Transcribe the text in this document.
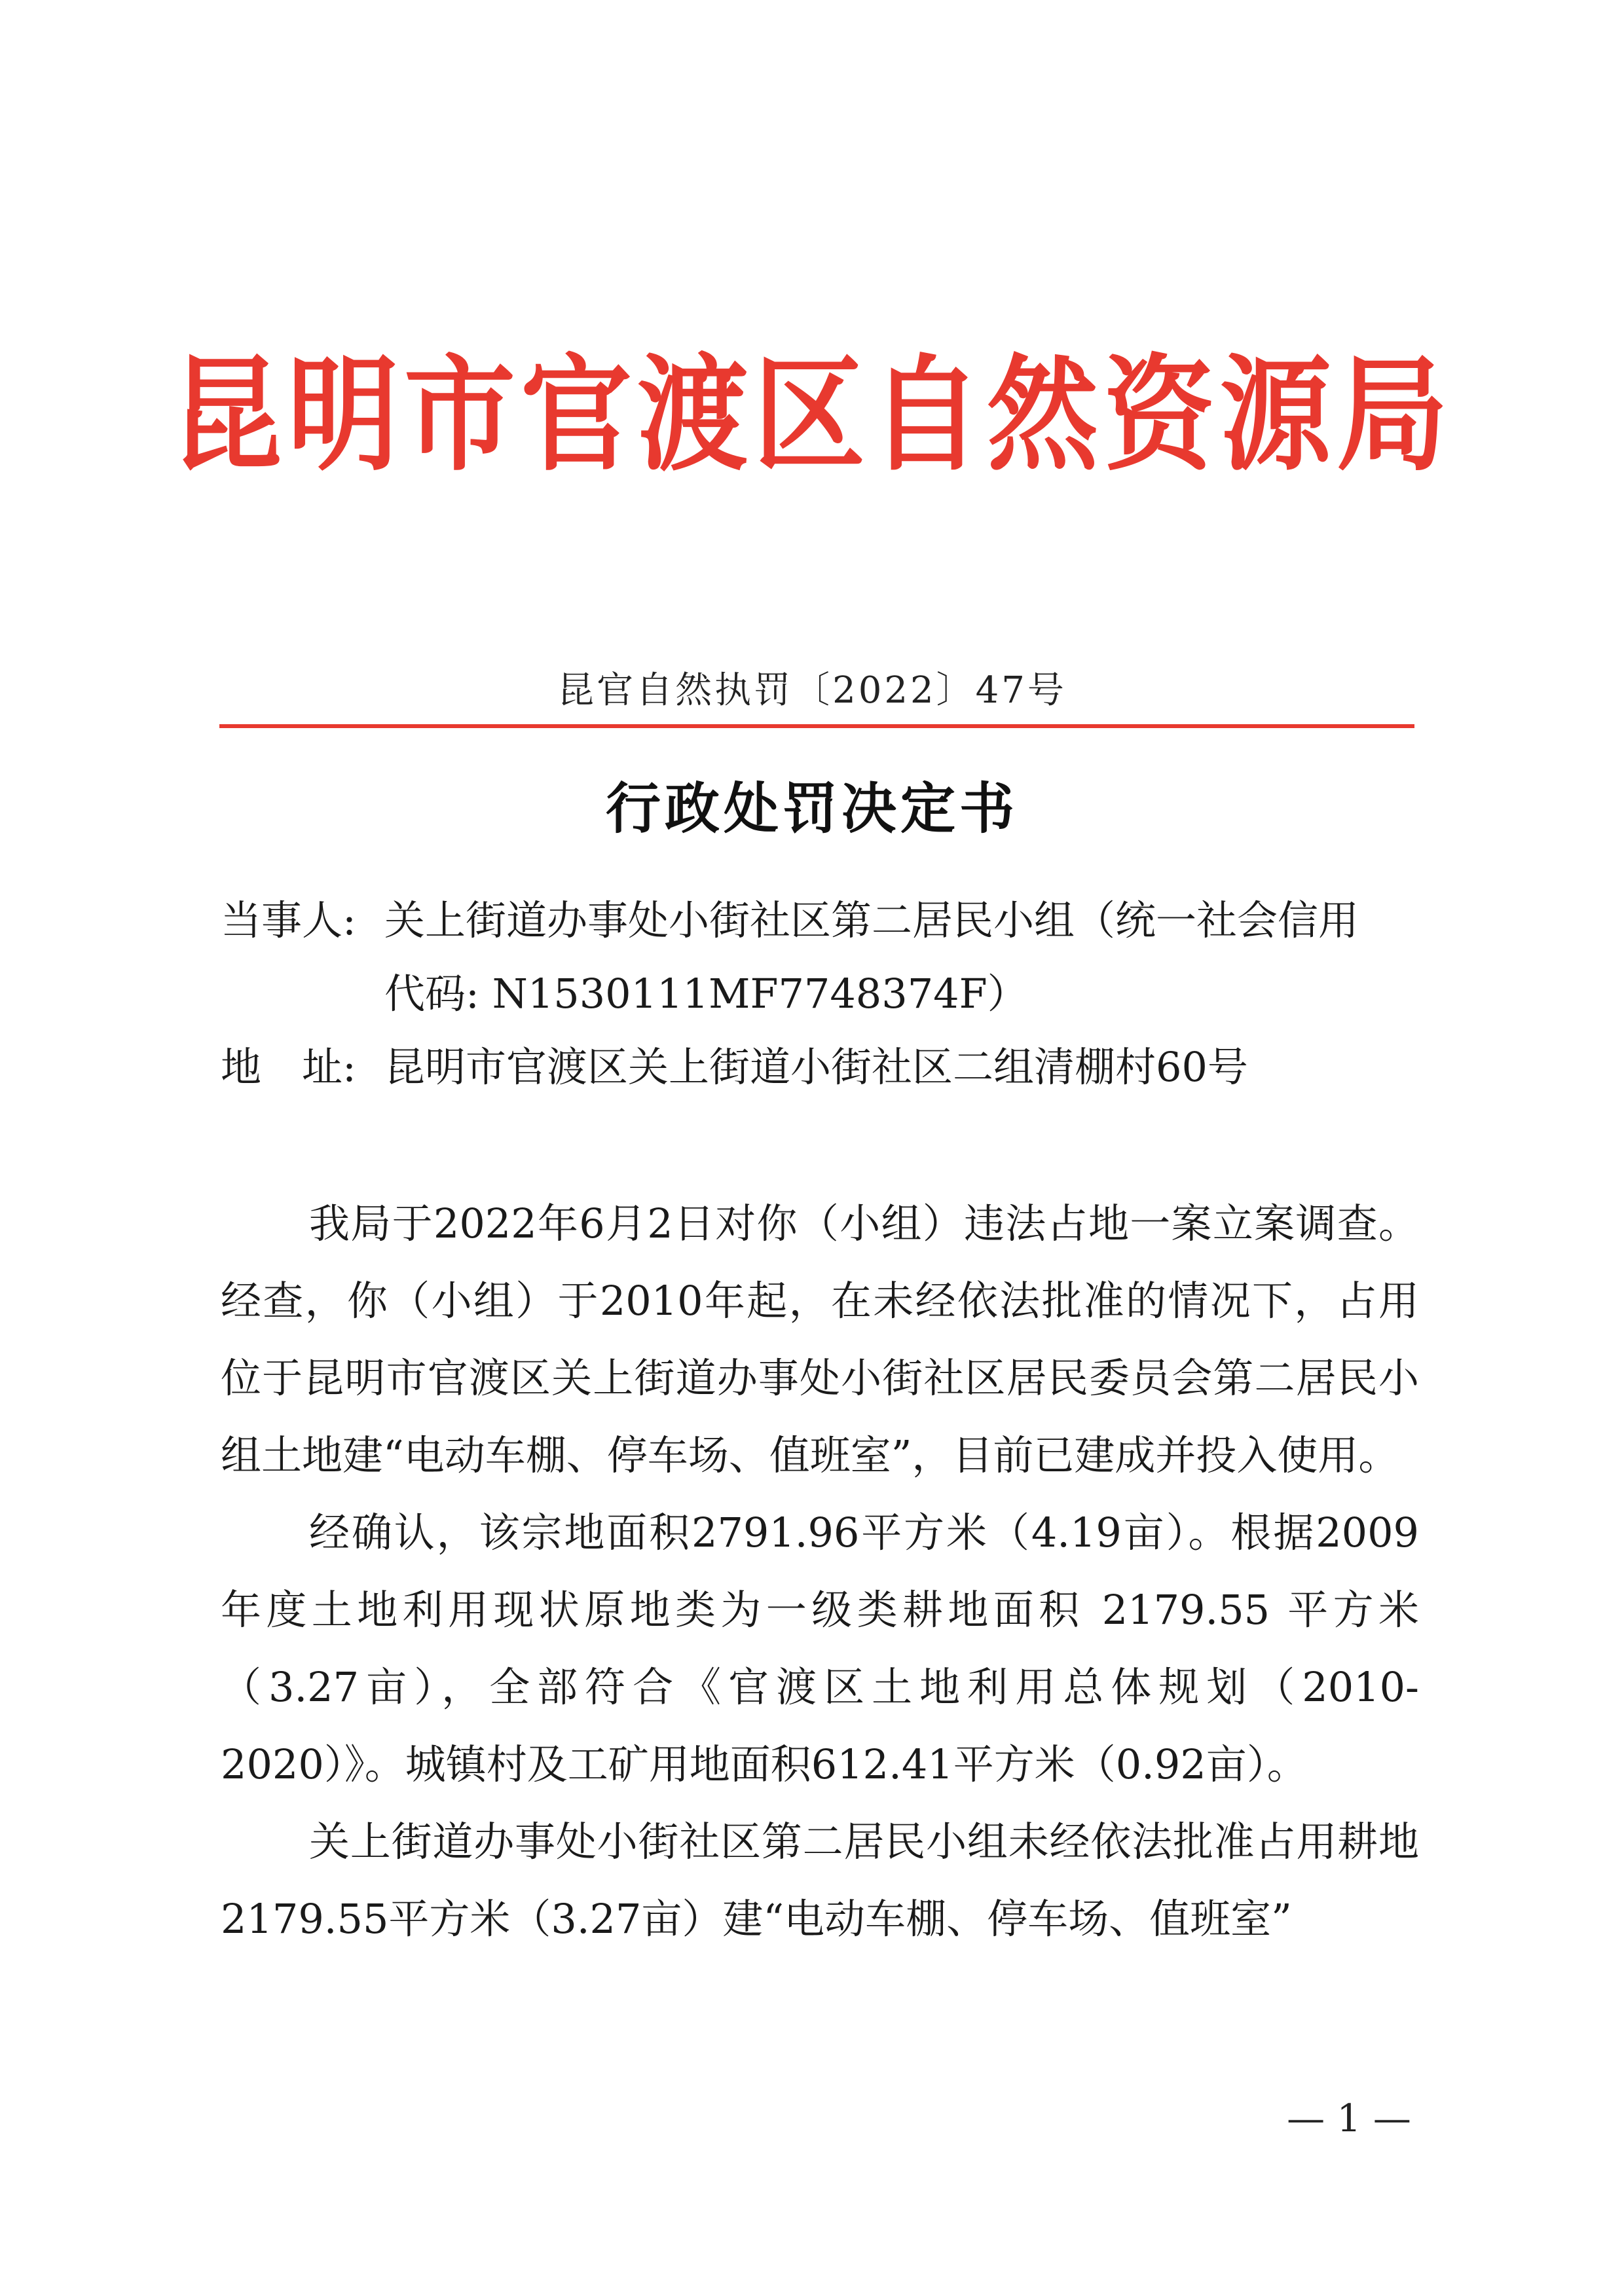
昆明市官渡区自然资源局
昆官自然执罚〔2022〕47号
行政处罚决定书
当事人: 关上街道办事处小街社区第二居民小组（统一社会信用
代码: N1530111MF7748374F）
地　址: 昆明市官渡区关上街道小街社区二组清棚村60号

我局于2022年6月2日对你（小组）违法占地一案立案调查。经查，你（小组）于2010年起，在未经依法批准的情况下，占用位于昆明市官渡区关上街道办事处小街社区居民委员会第二居民小组土地建“电动车棚、停车场、值班室”，目前已建成并投入使用。

经确认，该宗地面积2791.96平方米（4.19亩）。根据2009年度土地利用现状原地类为一级类耕地面积 2179.55 平方米（3.27亩），全部符合《官渡区土地利用总体规划（2010-2020）》。城镇村及工矿用地面积612.41平方米（0.92亩）。

关上街道办事处小街社区第二居民小组未经依法批准占用耕地2179.55平方米（3.27亩）建“电动车棚、停车场、值班室”

— 1 —
